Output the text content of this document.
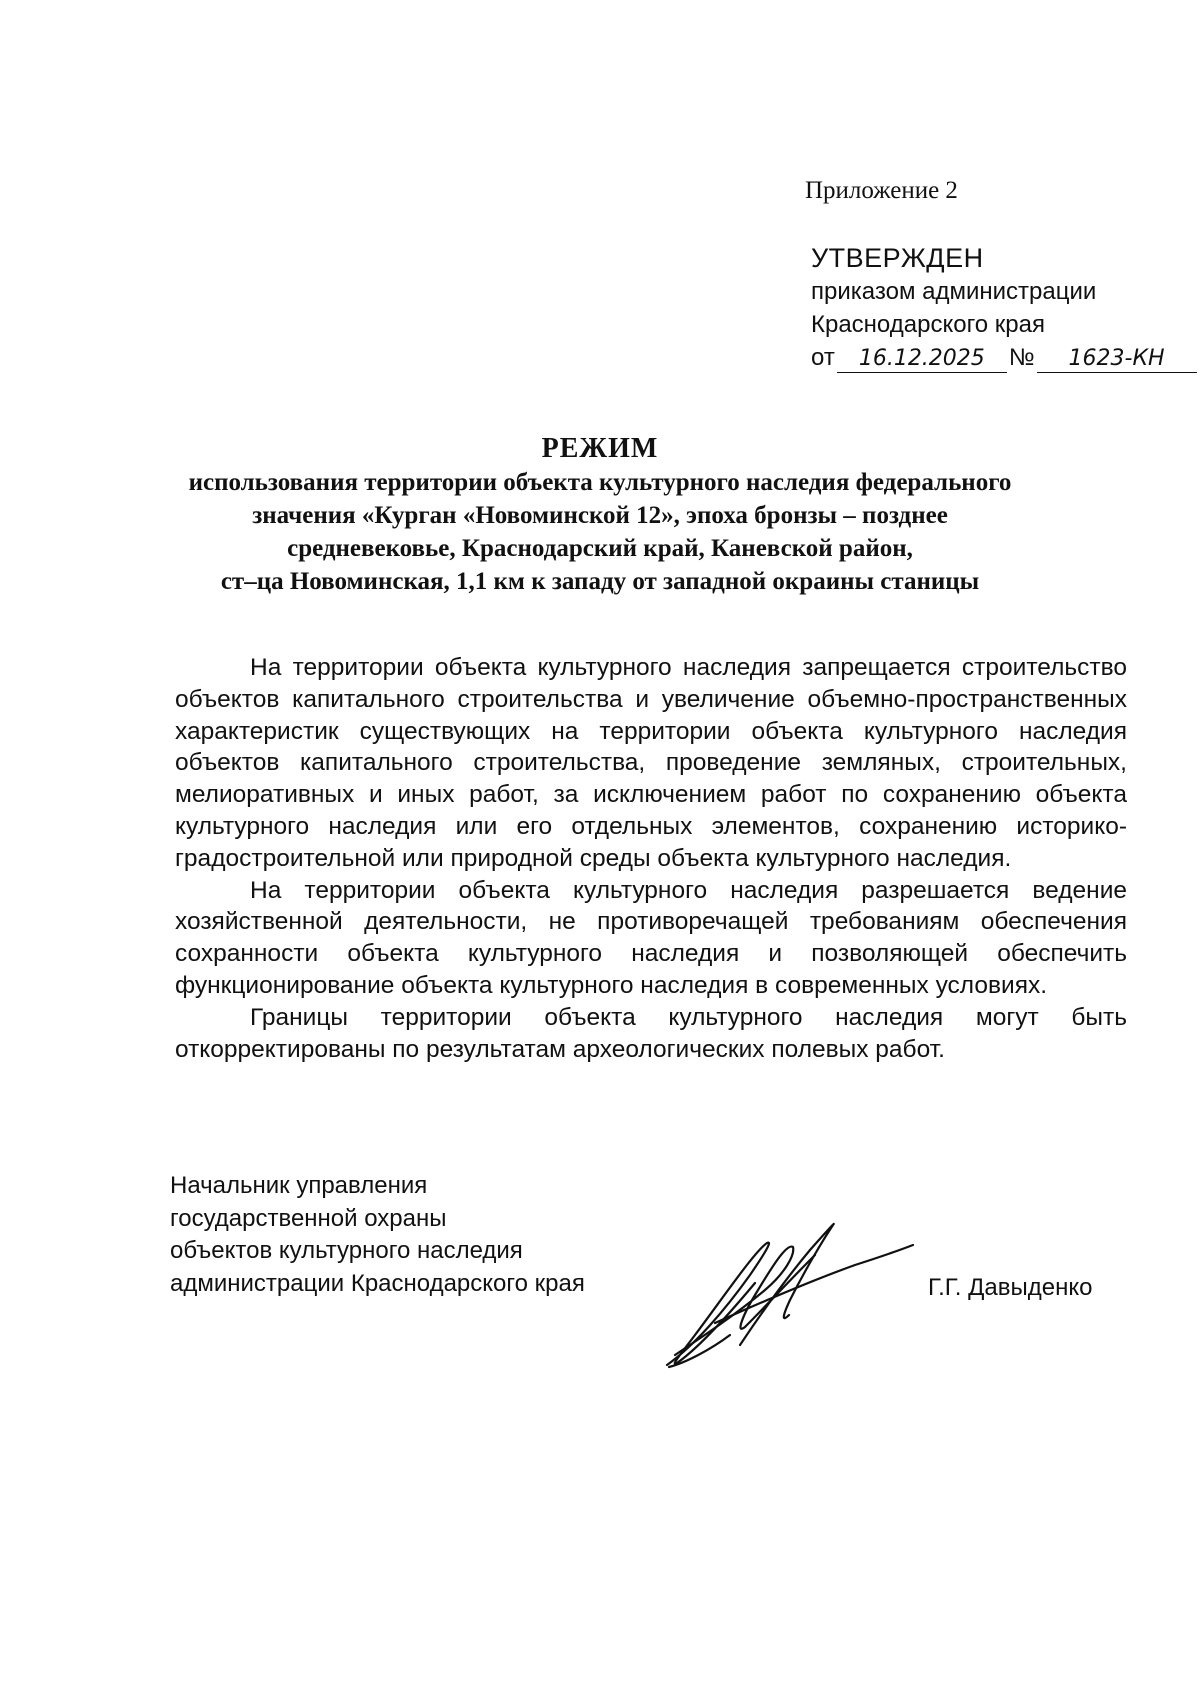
Приложение 2
УТВЕРЖДЕН
приказом администрации
Краснодарского края
от 16.12.2025 № 1623-КН
РЕЖИМ
использования территории объекта культурного наследия федерального
значения «Курган «Новоминской 12», эпоха бронзы – позднее
средневековье, Краснодарский край, Каневской район,
ст–ца Новоминская, 1,1 км к западу от западной окраины станицы

На территории объекта культурного наследия запрещается строительство объектов капитального строительства и увеличение объемно-пространственных характеристик существующих на территории объекта культурного наследия объектов капитального строительства, проведение земляных, строительных, мелиоративных и иных работ, за исключением работ по сохранению объекта культурного наследия или его отдельных элементов, сохранению историко-градостроительной или природной среды объекта культурного наследия.

На территории объекта культурного наследия разрешается ведение хозяйственной деятельности, не противоречащей требованиям обеспечения сохранности объекта культурного наследия и позволяющей обеспечить функционирование объекта культурного наследия в современных условиях.

Границы территории объекта культурного наследия могут быть откорректированы по результатам археологических полевых работ.

Начальник управления
государственной охраны
объектов культурного наследия
администрации Краснодарского края	Г.Г. Давыденко
